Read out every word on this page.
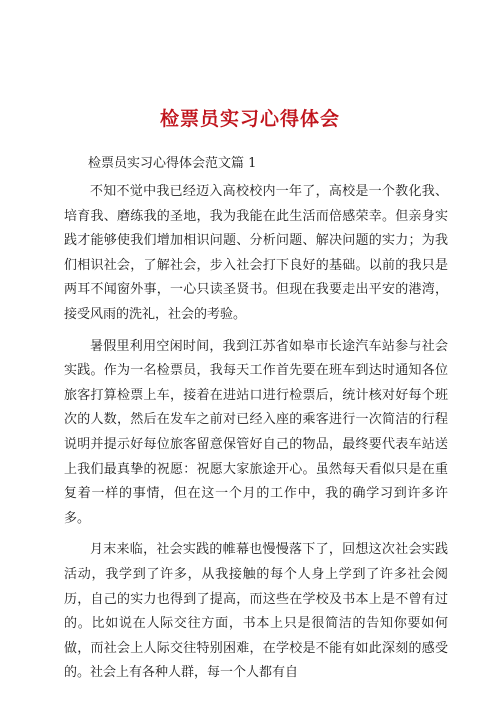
检票员实习心得体会

检票员实习心得体会范文篇 1

不知不觉中我已经迈入高校校内一年了，高校是一个教化我、培育我、磨练我的圣地，我为我能在此生活而倍感荣幸。但亲身实践才能够使我们增加相识问题、分析问题、解决问题的实力；为我们相识社会，了解社会，步入社会打下良好的基础。以前的我只是两耳不闻窗外事，一心只读圣贤书。但现在我要走出平安的港湾，接受风雨的洗礼，社会的考验。

暑假里利用空闲时间，我到江苏省如皋市长途汽车站参与社会实践。作为一名检票员，我每天工作首先要在班车到达时通知各位旅客打算检票上车，接着在进站口进行检票后，统计核对好每个班次的人数，然后在发车之前对已经入座的乘客进行一次简洁的行程说明并提示好每位旅客留意保管好自己的物品，最终要代表车站送上我们最真挚的祝愿：祝愿大家旅途开心。虽然每天看似只是在重复着一样的事情，但在这一个月的工作中，我的确学习到许多许多。

月末来临，社会实践的帷幕也慢慢落下了，回想这次社会实践活动，我学到了许多，从我接触的每个人身上学到了许多社会阅历，自己的实力也得到了提高，而这些在学校及书本上是不曾有过的。比如说在人际交往方面，书本上只是很简洁的告知你要如何做，而社会上人际交往特别困难，在学校是不能有如此深刻的感受的。社会上有各种人群，每一个人都有自
